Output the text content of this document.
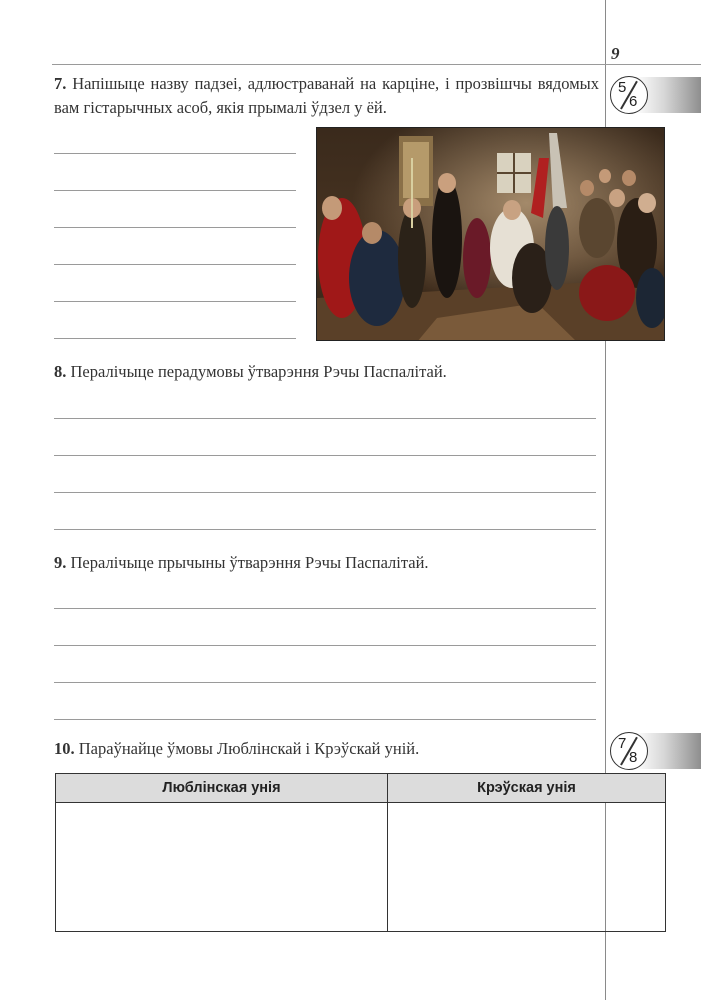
9
7. Напішыце назву падзеі, адлюстраванай на карціне, і прозвішчы вядомых вам гістарычных асоб, якія прымалі ўдзел у ёй.
5
6
8. Пералічыце перадумовы ўтварэння Рэчы Паспалітай.
9. Пералічыце прычыны ўтварэння Рэчы Паспалітай.
10. Параўнайце ўмовы Люблінскай і Крэўскай уній.	7
8
Люблінская унія	Крэўская унія
